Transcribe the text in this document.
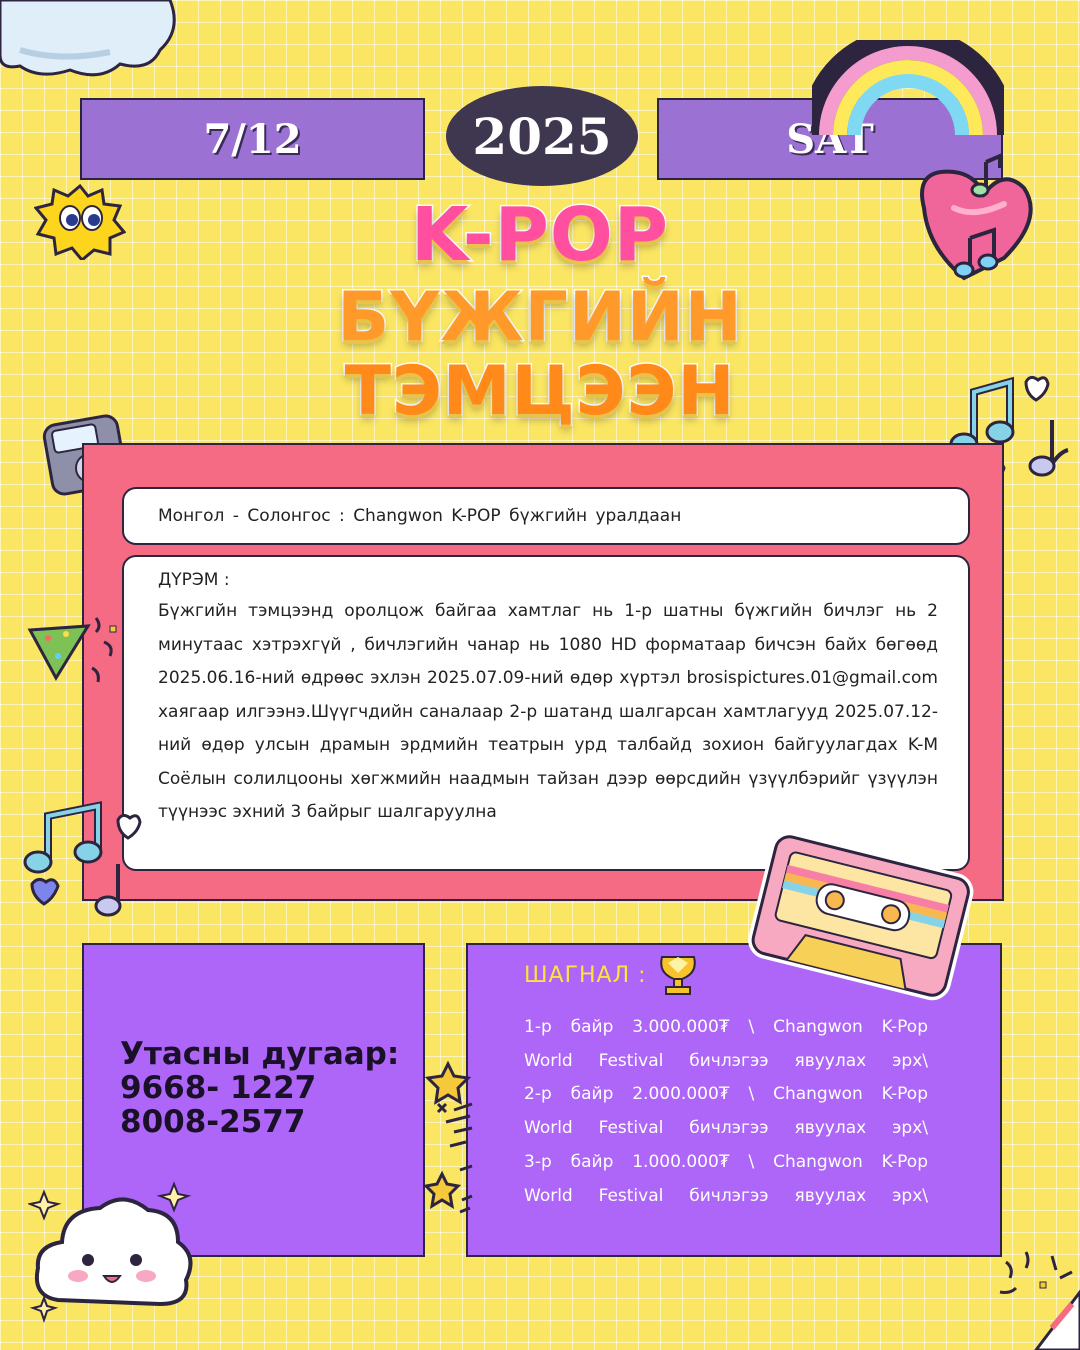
7/12	2025	SAT
K-POP
БҮЖГИЙН
ТЭМЦЭЭН
Монгол - Солонгос : Changwon K-POP бүжгийн уралдаан
ДҮРЭМ :
Бүжгийн тэмцээнд оролцож байгаа хамтлаг нь 1-р шатны бүжгийн бичлэг нь 2 минутаас хэтрэхгүй , бичлэгийн чанар нь 1080 HD форматаар бичсэн байх бөгөөд 2025.06.16-ний өдрөөс эхлэн 2025.07.09-ний өдөр хүртэл brosispictures.01@gmail.com хаягаар илгээнэ.Шүүгчдийн саналаар 2-р шатанд шалгарсан хамтлагууд 2025.07.12-ний өдөр улсын драмын эрдмийн театрын урд талбайд зохион байгуулагдах K-M Соёлын солилцооны хөгжмийн наадмын тайзан дээр өөрсдийн үзүүлбэрийг үзүүлэн түүнээс эхний 3 байрыг шалгаруулна
Утасны дугаар:
9668- 1227
8008-2577
ШАГНАЛ :
1-р байр 3.000.000₮ \ Changwon K-Pop
World Festival бичлэгээ явуулах эрх\
2-р байр 2.000.000₮ \ Changwon K-Pop
World Festival бичлэгээ явуулах эрх\
3-р байр 1.000.000₮ \ Changwon K-Pop
World Festival бичлэгээ явуулах эрх\
